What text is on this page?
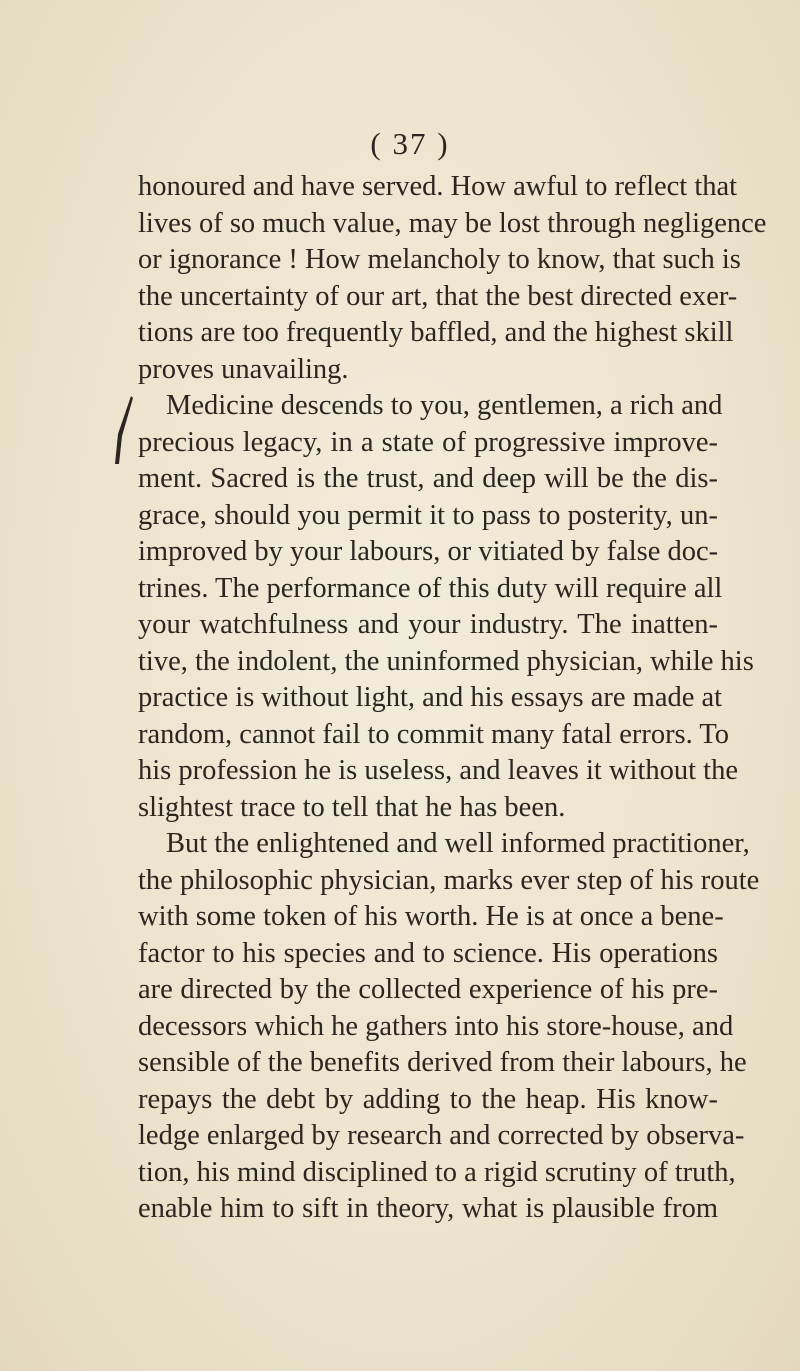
( 37 )
honoured and have served. How awful to reflect that
lives of so much value, may be lost through negligence
or ignorance ! How melancholy to know, that such is
the uncertainty of our art, that the best directed exer-
tions are too frequently baffled, and the highest skill
proves unavailing.
Medicine descends to you, gentlemen, a rich and
precious legacy, in a state of progressive improve-
ment. Sacred is the trust, and deep will be the dis-
grace, should you permit it to pass to posterity, un-
improved by your labours, or vitiated by false doc-
trines. The performance of this duty will require all
your watchfulness and your industry. The inatten-
tive, the indolent, the uninformed physician, while his
practice is without light, and his essays are made at
random, cannot fail to commit many fatal errors. To
his profession he is useless, and leaves it without the
slightest trace to tell that he has been.
But the enlightened and well informed practitioner,
the philosophic physician, marks ever step of his route
with some token of his worth. He is at once a bene-
factor to his species and to science. His operations
are directed by the collected experience of his pre-
decessors which he gathers into his store-house, and
sensible of the benefits derived from their labours, he
repays the debt by adding to the heap. His know-
ledge enlarged by research and corrected by observa-
tion, his mind disciplined to a rigid scrutiny of truth,
enable him to sift in theory, what is plausible from
